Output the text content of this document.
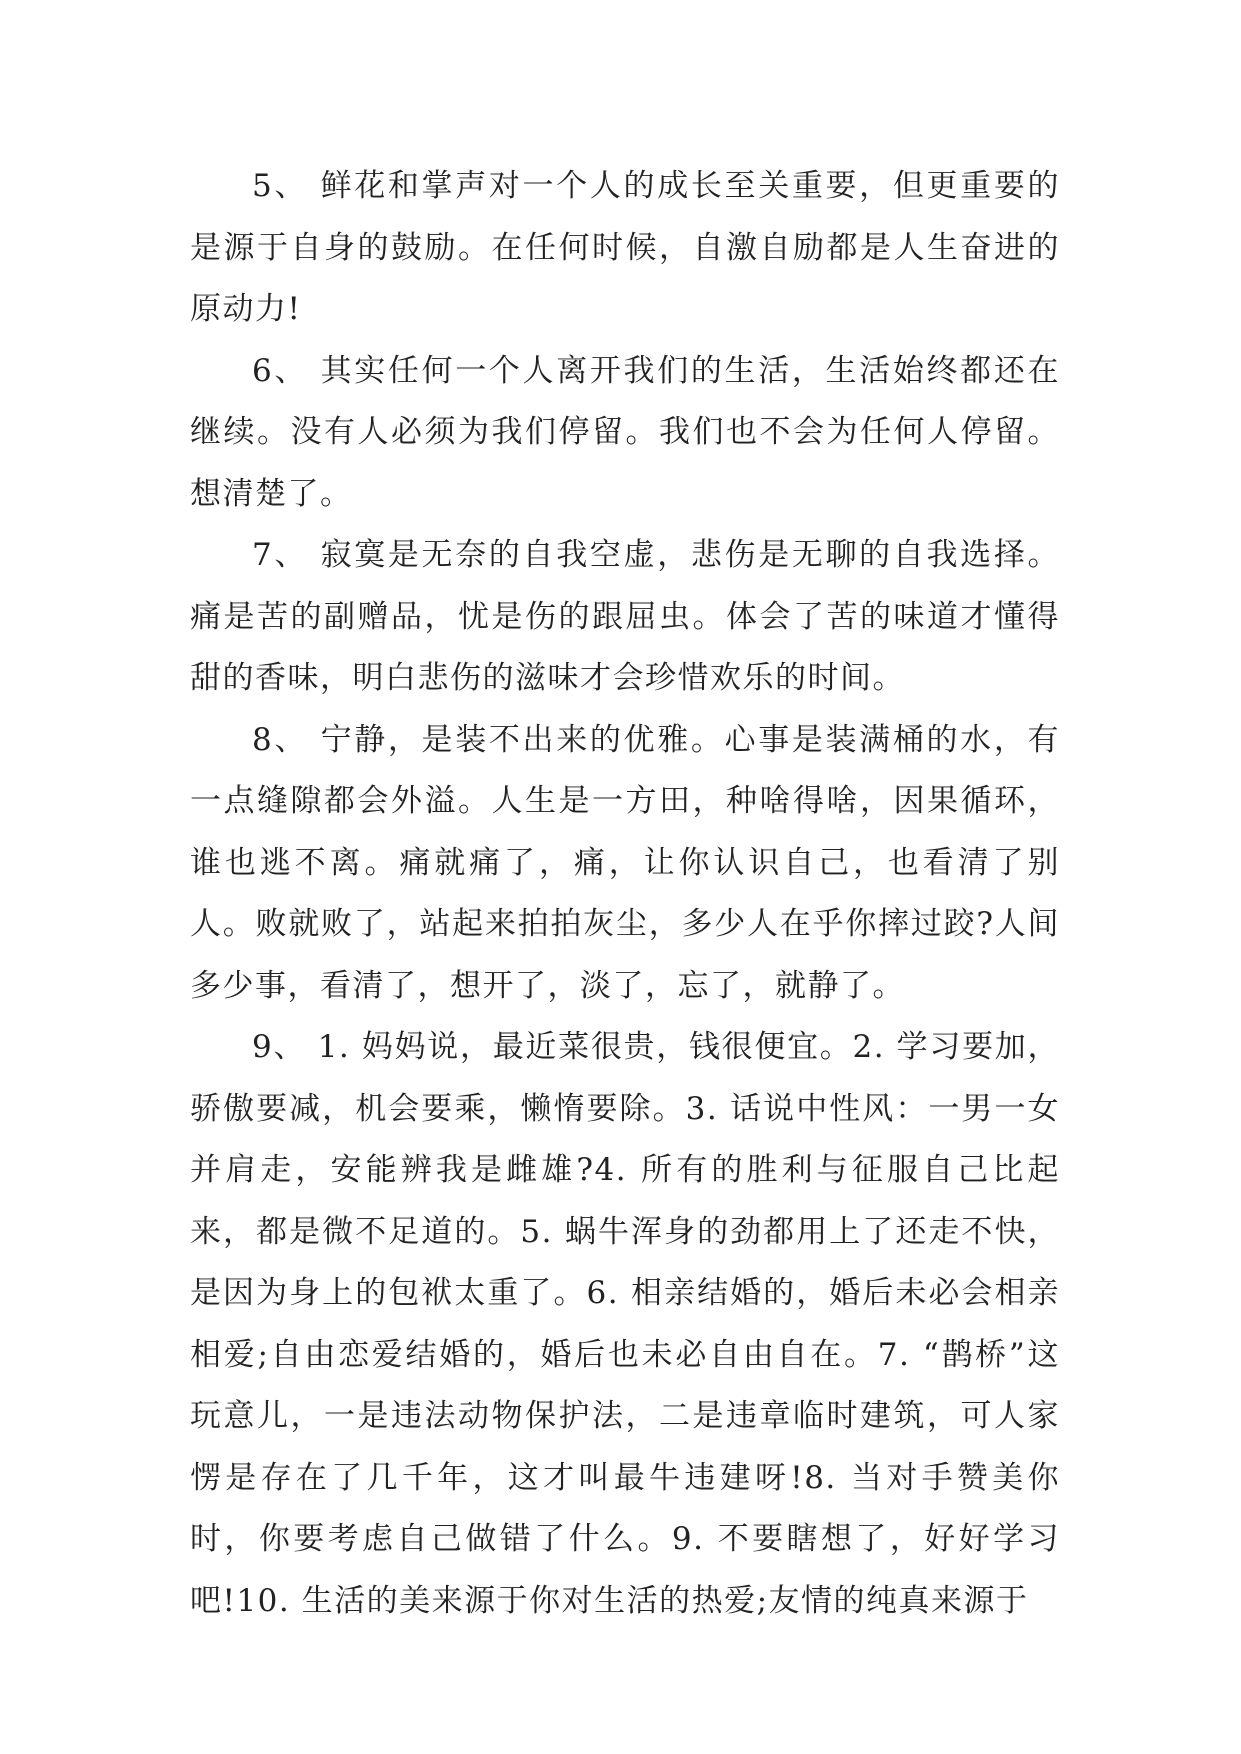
5、 鲜花和掌声对一个人的成长至关重要，但更重要的是源于自身的鼓励。在任何时候，自激自励都是人生奋进的原动力!

6、 其实任何一个人离开我们的生活，生活始终都还在继续。没有人必须为我们停留。我们也不会为任何人停留。想清楚了。

7、 寂寞是无奈的自我空虚，悲伤是无聊的自我选择。痛是苦的副赠品，忧是伤的跟屈虫。体会了苦的味道才懂得甜的香味，明白悲伤的滋味才会珍惜欢乐的时间。

8、 宁静，是装不出来的优雅。心事是装满桶的水，有一点缝隙都会外溢。人生是一方田，种啥得啥，因果循环，谁也逃不离。痛就痛了，痛，让你认识自己，也看清了别人。败就败了，站起来拍拍灰尘，多少人在乎你摔过跤?人间多少事，看清了，想开了，淡了，忘了，就静了。

9、 1. 妈妈说，最近菜很贵，钱很便宜。2. 学习要加，骄傲要减，机会要乘，懒惰要除。3. 话说中性风：一男一女并肩走，安能辨我是雌雄?4. 所有的胜利与征服自己比起来，都是微不足道的。5. 蜗牛浑身的劲都用上了还走不快，是因为身上的包袱太重了。6. 相亲结婚的，婚后未必会相亲相爱;自由恋爱结婚的，婚后也未必自由自在。7. “鹊桥”这玩意儿，一是违法动物保护法，二是违章临时建筑，可人家愣是存在了几千年，这才叫最牛违建呀!8. 当对手赞美你时，你要考虑自己做错了什么。9. 不要瞎想了，好好学习吧!10. 生活的美来源于你对生活的热爱;友情的纯真来源于
